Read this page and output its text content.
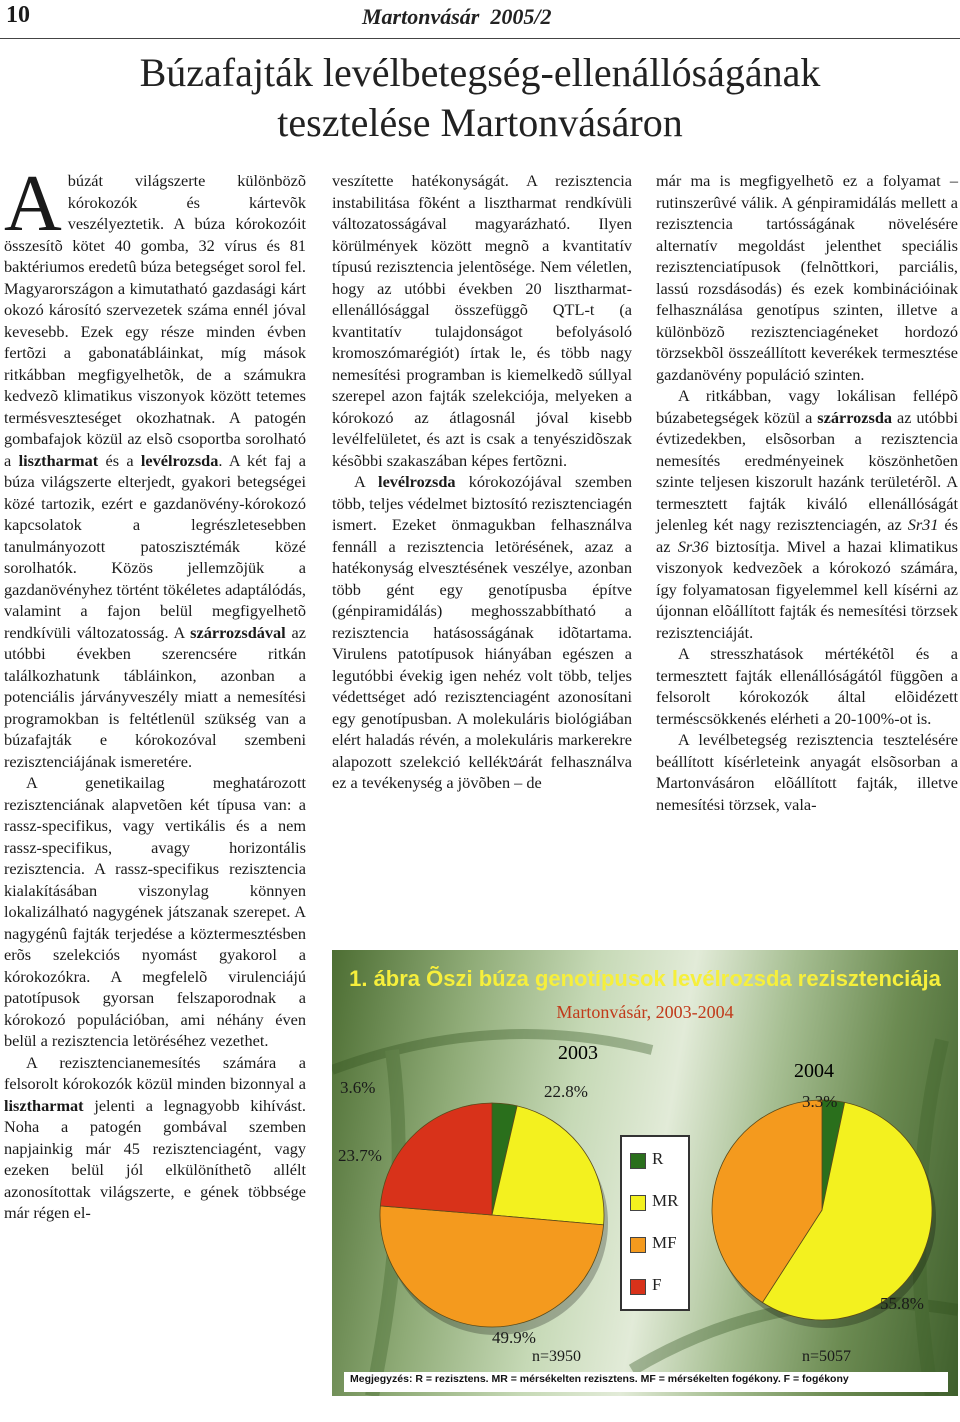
10	Martonvásár 2005/2
Búzafajták levélbetegség-ellenállóságának
tesztelése Martonvásáron

Abúzát világszerte különbözõ kórokozók és kártevõk veszélyeztetik. A búza kórokozóit összesítõ kötet 40 gomba, 32 vírus és 81 baktériumos eredetû búza betegséget sorol fel. Magyarországon a kimutatható gazdasági kárt okozó károsító szervezetek száma ennél jóval kevesebb. Ezek egy része minden évben fertõzi a gabonatábláinkat, míg mások ritkábban megfigyelhetõk, de a számukra kedvezõ klimatikus viszonyok között tetemes termésveszteséget okozhatnak. A patogén gombafajok közül az elsõ csoportba sorolható a lisztharmat és a levélrozsda. A két faj a búza világszerte elterjedt, gyakori betegségei közé tartozik, ezért e gazdanövény-kórokozó kapcsolatok a legrészletesebben tanulmányozott patoszisztémák közé sorolhatók. Közös jellemzõjük a gazdanövényhez történt tökéletes adaptálódás, valamint a fajon belül megfigyelhetõ rendkívüli változatosság. A szárrozsdával az utóbbi években szerencsére ritkán találkozhatunk tábláinkon, azonban a potenciális járványveszély miatt a nemesítési programokban is feltétlenül szükség van a búzafajták e kórokozóval szembeni rezisztenciájának ismeretére.

A genetikailag meghatározott rezisztenciának alapvetõen két típusa van: a rassz-specifikus, vagy vertikális és a nem rassz-specifikus, avagy horizontális rezisztencia. A rassz-specifikus rezisztencia kialakításában viszonylag könnyen lokalizálható nagygének játszanak szerepet. A nagygénû fajták terjedése a köztermesztésben erõs szelekciós nyomást gyakorol a kórokozókra. A megfelelõ virulenciájú patotípusok gyorsan felszaporodnak a kórokozó populációban, ami néhány éven belül a rezisztencia letöréséhez vezethet.

A rezisztencianemesítés számára a felsorolt kórokozók közül minden bizonnyal a lisztharmat jelenti a legnagyobb kihívást. Noha a patogén gombával szemben napjainkig már 45 rezisztenciagént, vagy ezeken belül jól elkülöníthetõ allélt azonosítottak világszerte, e gének többsége már régen el-

veszítette hatékonyságát. A rezisztencia instabilitása fõként a lisztharmat rendkívüli változatosságával magyarázható. Ilyen körülmények között megnõ a kvantitatív típusú rezisztencia jelentõsége. Nem véletlen, hogy az utóbbi években 20 lisztharmat-ellenállósággal összefüggõ QTL-t (a kvantitatív tulajdonságot befolyásoló kromoszómarégiót) írtak le, és több nagy nemesítési programban is kiemelkedõ súllyal szerepel azon fajták szelekciója, melyeken a kórokozó az átlagosnál jóval kisebb levélfelületet, és azt is csak a tenyészidõszak késõbbi szakaszában képes fertõzni.

A levélrozsda kórokozójával szemben több, teljes védelmet biztosító rezisztenciagén ismert. Ezeket önmagukban felhasználva fennáll a rezisztencia letörésének, azaz a hatékonyság elvesztésének veszélye, azonban több gént egy genotípusba építve (génpiramidálás) meghosszabbítható a rezisztencia hatásosságának idõtartama. Virulens patotípusok hiányában egészen a legutóbbi évekig igen nehéz volt több, teljes védettséget adó rezisztenciagént azonosítani egy genotípusban. A molekuláris biológiában elért haladás révén, a molekuláris markerekre alapozott szelekció kellékטárát felhasználva ez a tevékenység a jövõben – de

már ma is megfigyelhetõ ez a folyamat – rutinszerûvé válik. A génpiramidálás mellett a rezisztencia tartósságának növelésére alternatív megoldást jelenthet speciális rezisztenciatípusok (felnõttkori, parciális, lassú rozsdásodás) és ezek kombinációinak felhasználása genotípus szinten, illetve a különbözõ rezisztenciagéneket hordozó törzsekbõl összeállított keverékek termesztése gazdanövény populáció szinten.

A ritkábban, vagy lokálisan fellépõ búzabetegségek közül a szárrozsda az utóbbi évtizedekben, elsõsorban a rezisztencia nemesítés eredményeinek köszönhetõen szinte teljesen kiszorult hazánk területérõl. A termesztett fajták kiváló ellenállóságát jelenleg két nagy rezisztenciagén, az Sr31 és az Sr36 biztosítja. Mivel a hazai klimatikus viszonyok kedvezõek a kórokozó számára, így folyamatosan figyelemmel kell kísérni az újonnan elõállított fajták és nemesítési törzsek rezisztenciáját.

A stresszhatások mértékétõl és a termesztett fajták ellenállóságától függõen a felsorolt kórokozók által elõidézett terméscsökkenés elérheti a 20-100%-ot is.

A levélbetegség rezisztencia tesztelésére beállított kísérleteink anyagát elsõsorban a Martonvásáron elõállított fajták, illetve nemesítési törzsek, vala-

1. ábra Õszi búza genotípusok levélrozsda rezisztenciája
Martonvásár, 2003-2004
2003
2004
22.8%
3.6%
23.7%
49.9%
3.3%
55.8%
n=3950	n=5057
R
MR
MF
F
Megjegyzés: R = rezisztens. MR = mérsékelten rezisztens. MF = mérsékelten fogékony. F = fogékony
